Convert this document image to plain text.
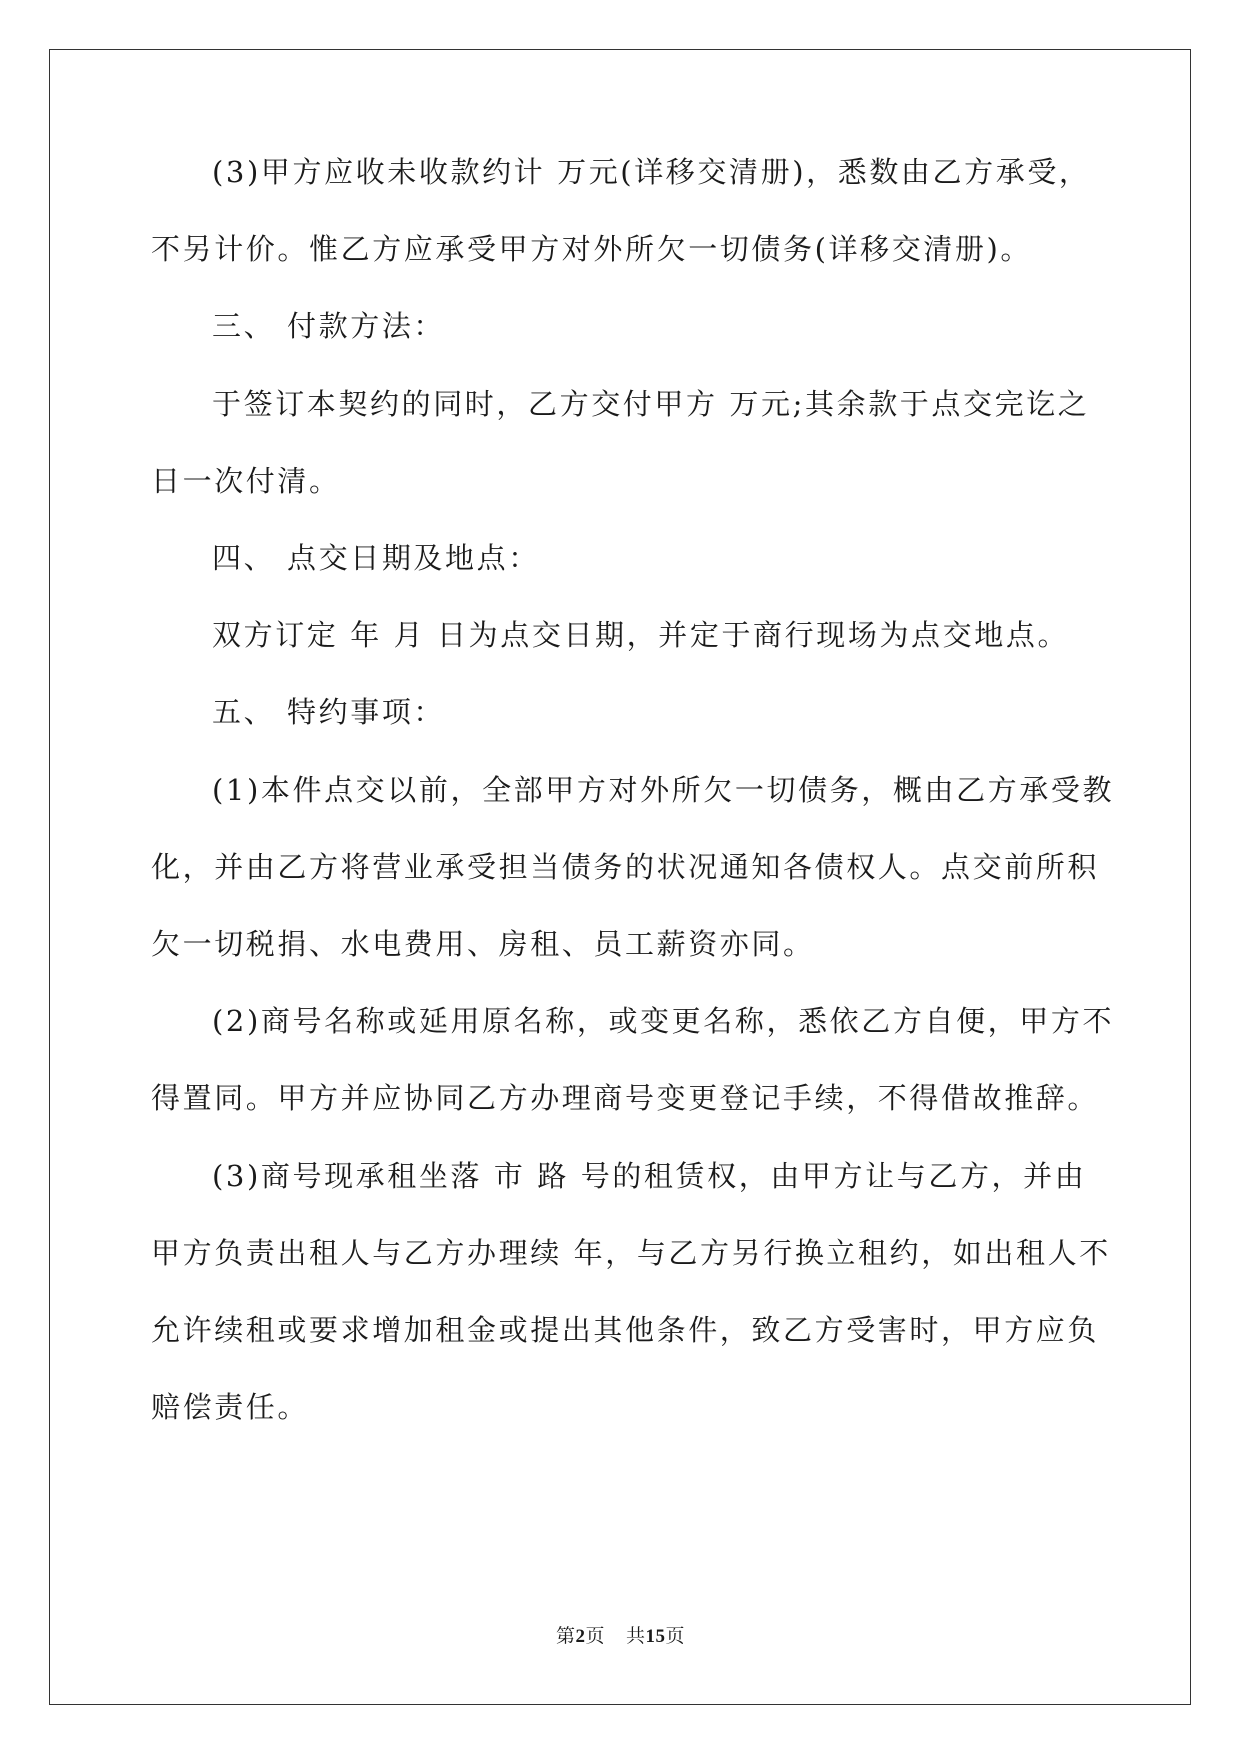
(3)甲方应收未收款约计 万元(详移交清册)，悉数由乙方承受，
不另计价。惟乙方应承受甲方对外所欠一切债务(详移交清册)。
三、 付款方法：
于签订本契约的同时，乙方交付甲方 万元;其余款于点交完讫之
日一次付清。
四、 点交日期及地点：
双方订定 年 月 日为点交日期，并定于商行现场为点交地点。
五、 特约事项：
(1)本件点交以前，全部甲方对外所欠一切债务，概由乙方承受教
化，并由乙方将营业承受担当债务的状况通知各债权人。点交前所积
欠一切税捐、水电费用、房租、员工薪资亦同。
(2)商号名称或延用原名称，或变更名称，悉依乙方自便，甲方不
得置同。甲方并应协同乙方办理商号变更登记手续，不得借故推辞。
(3)商号现承租坐落 市 路 号的租赁权，由甲方让与乙方，并由
甲方负责出租人与乙方办理续 年，与乙方另行换立租约，如出租人不
允许续租或要求增加租金或提出其他条件，致乙方受害时，甲方应负
赔偿责任。
第2页 共15页
